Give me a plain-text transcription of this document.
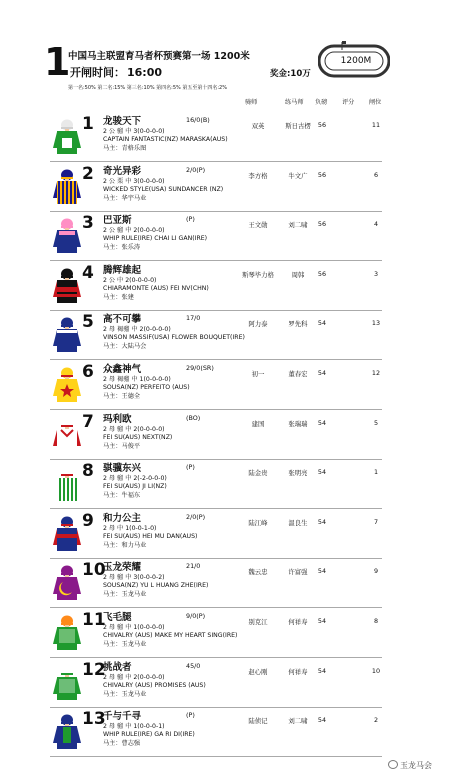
1
中国马主联盟育马者杯预赛第一场 1200米
开闸时间： 16:00	奖金:10万
第一名:50% 第二名:15% 第三名:10% 第四名:5% 第五至第十四名:2%
1200M
骑师	练马师 负磅 评分 闸位
1 龙骏天下	16/0(B)
2 公 骝 中 3(0-0-0-0)
CAPTAIN FANTASTIC(NZ) MARASKA(AUS)
马主：青格乐图
双英	斯日古楞	56	11
2 奇光异彩	2/0(P)
2 公 栗 中 3(0-0-0-0)
WICKED STYLE(USA) SUNDANCER (NZ)
马主：华宇马业
李方格	牛文广	56	6
3 巴亚斯	(P)
2 公 骝 中 2(0-0-0-0)
WHIP RULE(IRE) CHAI LI GAN(IRE)
马主：张乐涛
王文勋	刘二啸	56	4
4 腾辉雄起
2 公 中 2(0-0-0-0)
CHIARAMONTE (AUS) FEI NV(CHN)
马主：张建
斯琴毕力格	周韩	56	3
5 高不可攀	17/0
2 母 褐骝 中 2(0-0-0-0)
VINSON MASSIF(USA) FLOWER BOUQUET(IRE)
马主：大陆马会
阿力泰	罗先科	54	13
6 众鑫神气	29/0(SR)
2 母 褐骝 中 1(0-0-0-0)
SOUSA(NZ) PERFEITO (AUS)
马主：王德全
初一	董春宏	54	12
7 玛利欧	(BO)
2 母 骝 中 2(0-0-0-0)
FEI SU(AUS) NEXT(NZ)
马主：马俊平
建国	张瑞瑞	54	5
8 骐骥东兴	(P)
2 母 骝 中 2(-2-0-0-0)
FEI SU(AUS) JI LI(NZ)
马主：牛福东
陆金贵	张明亮	54	1
9 和力公主	2/0(P)
2 母 中 1(0-0-1-0)
FEI SU(AUS) HEI MU DAN(AUS)
马主：和力马业
陆江峰	温良生	54	7
10
玉龙荣耀	21/0
2 母 骝 中 3(0-0-0-2)
SOUSA(NZ) YU L HUANG ZHE(IRE)
马主：玉龙马业
魏云忠	许富强	54	9
11
飞毛腿	9/0(P)
2 母 骝 中 1(0-0-0-0)
CHIVALRY (AUS) MAKE MY HEART SING(IRE)
马主：玉龙马业
别克江	何祥寿	54	8
12
挑战者	45/0
2 母 骝 中 2(0-0-0-0)
CHIVALRY (AUS) PROMISES (AUS)
马主：玉龙马业
赵心刚	何祥寿	54	10
13
千与千寻	(P)
2 母 骝 中 1(0-0-0-1)
WHIP RULE(IRE) GA RI DI(IRE)
马主：曹志强
陆侦记	刘二啸	54	2
玉龙马会
